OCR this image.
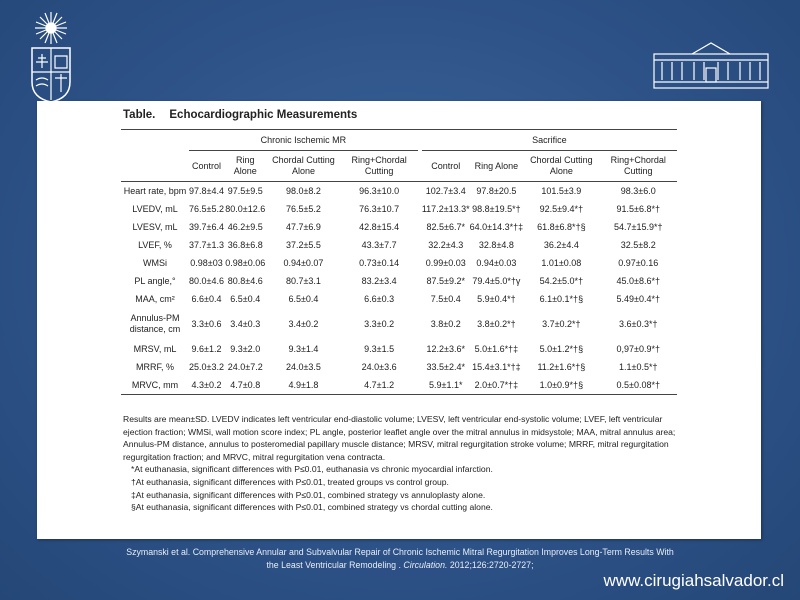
Table. Echocardiographic Measurements
	Chronic Ischemic MR					Sacrifice			
	Control	Ring Alone	Chordal Cutting Alone	Ring+Chordal Cutting		Control	Ring Alone	Chordal Cutting Alone	Ring+Chordal Cutting
Heart rate, bpm	97.8±4.4	97.5±9.5	98.0±8.2	96.3±10.0		102.7±3.4	97.8±20.5	101.5±3.9	98.3±6.0
LVEDV, mL	76.5±5.2	80.0±12.6	76.5±5.2	76.3±10.7		117.2±13.3*	98.8±19.5*†	92.5±9.4*†	91.5±6.8*†
LVESV, mL	39.7±6.4	46.2±9.5	47.7±6.9	42.8±15.4		82.5±6.7*	64.0±14.3*†‡	61.8±6.8*†§	54.7±15.9*†
LVEF, %	37.7±1.3	36.8±6.8	37.2±5.5	43.3±7.7		32.2±4.3	32.8±4.8	36.2±4.4	32.5±8.2
WMSi	0.98±03	0.98±0.06	0.94±0.07	0.73±0.14		0.99±0.03	0.94±0.03	1.01±0.08	0.97±0.16
PL angle,°	80.0±4.6	80.8±4.6	80.7±3.1	83.2±3.4		87.5±9.2*	79.4±5.0*†γ	54.2±5.0*†	45.0±8.6*†
MAA, cm²	6.6±0.4	6.5±0.4	6.5±0.4	6.6±0.3		7.5±0.4	5.9±0.4*†	6.1±0.1*†§	5.49±0.4*†
Annulus-PM distance, cm	3.3±0.6	3.4±0.3	3.4±0.2	3.3±0.2		3.8±0.2	3.8±0.2*†	3.7±0.2*†	3.6±0.3*†
MRSV, mL	9.6±1.2	9.3±2.0	9.3±1.4	9.3±1.5		12.2±3.6*	5.0±1.6*†‡	5.0±1.2*†§	0,97±0.9*†
MRRF, %	25.0±3.2	24.0±7.2	24.0±3.5	24.0±3.6		33.5±2.4*	15.4±3.1*†‡	11.2±1.6*†§	1.1±0.5*†
MRVC, mm	4.3±0.2	4.7±0.8	4.9±1.8	4.7±1.2		5.9±1.1*	2.0±0.7*†‡	1.0±0.9*†§	0.5±0.08*†

Results are mean±SD. LVEDV indicates left ventricular end-diastolic volume; LVESV, left ventricular end-systolic volume; LVEF, left ventricular ejection fraction; WMSi, wall motion score index; PL angle, posterior leaflet angle over the mitral annulus in midsystole; MAA, mitral annulus area; Annulus-PM distance, annulus to posteromedial papillary muscle distance; MRSV, mitral regurgitation stroke volume; MRRF, mitral regurgitation regurgitation fraction; and MRVC, mitral regurgitation vena contracta.

*At euthanasia, significant differences with P≤0.01, euthanasia vs chronic myocardial infarction.

†At euthanasia, significant differences with P≤0.01, treated groups vs control group.

‡At euthanasia, significant differences with P≤0.01, combined strategy vs annuloplasty alone.

§At euthanasia, significant differences with P≤0.01, combined strategy vs chordal cutting alone.

Szymanski et al. Comprehensive Annular and Subvalvular Repair of Chronic Ischemic Mitral Regurgitation Improves Long-Term Results With
the Least Ventricular Remodeling . Circulation. 2012;126:2720-2727;
www.cirugiahsalvador.cl
